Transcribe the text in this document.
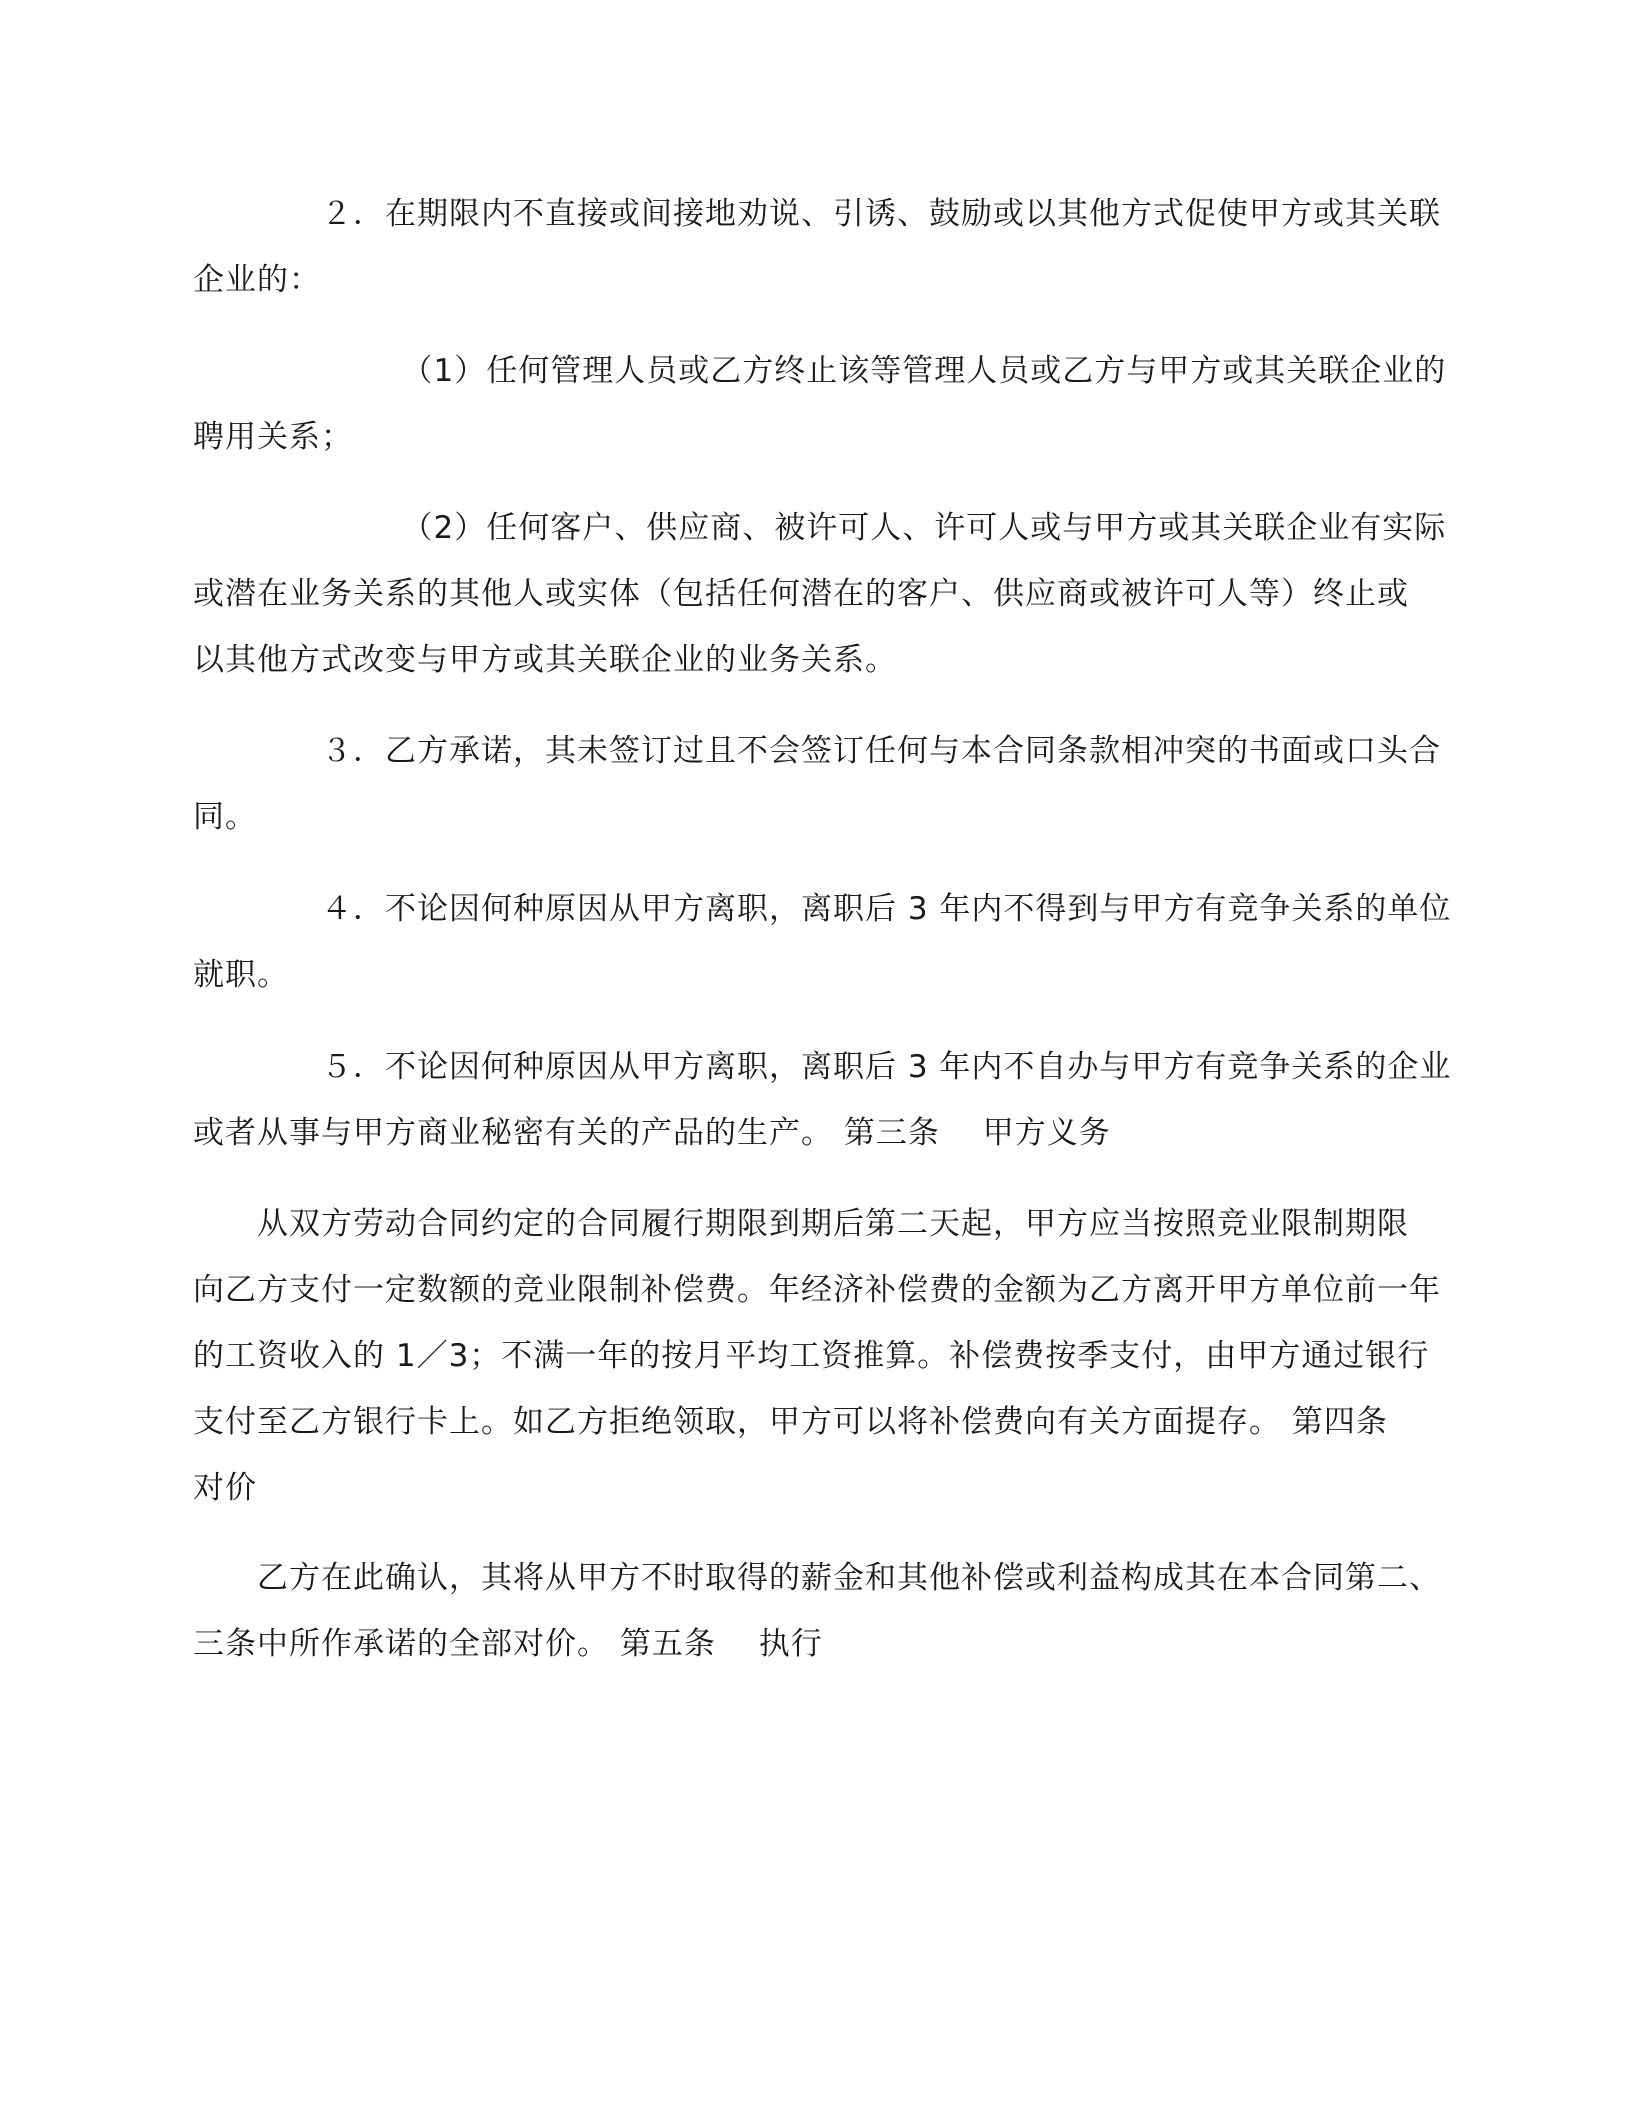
　　　　２．在期限内不直接或间接地劝说、引诱、鼓励或以其他方式促使甲方或其关联
企业的：
　　　　　　　（1）任何管理人员或乙方终止该等管理人员或乙方与甲方或其关联企业的
聘用关系；
　　　　　　　（2）任何客户、供应商、被许可人、许可人或与甲方或其关联企业有实际
或潜在业务关系的其他人或实体（包括任何潜在的客户、供应商或被许可人等）终止或
以其他方式改变与甲方或其关联企业的业务关系。
　　　　３．乙方承诺，其未签订过且不会签订任何与本合同条款相冲突的书面或口头合
同。
　　　　４．不论因何种原因从甲方离职，离职后 3 年内不得到与甲方有竞争关系的单位
就职。
　　　　５．不论因何种原因从甲方离职，离职后 3 年内不自办与甲方有竞争关系的企业
或者从事与甲方商业秘密有关的产品的生产。 第三条　 甲方义务
　　从双方劳动合同约定的合同履行期限到期后第二天起，甲方应当按照竞业限制期限
向乙方支付一定数额的竞业限制补偿费。年经济补偿费的金额为乙方离开甲方单位前一年
的工资收入的 1／3；不满一年的按月平均工资推算。补偿费按季支付，由甲方通过银行
支付至乙方银行卡上。如乙方拒绝领取，甲方可以将补偿费向有关方面提存。 第四条
对价
　　乙方在此确认，其将从甲方不时取得的薪金和其他补偿或利益构成其在本合同第二、
三条中所作承诺的全部对价。 第五条　 执行
